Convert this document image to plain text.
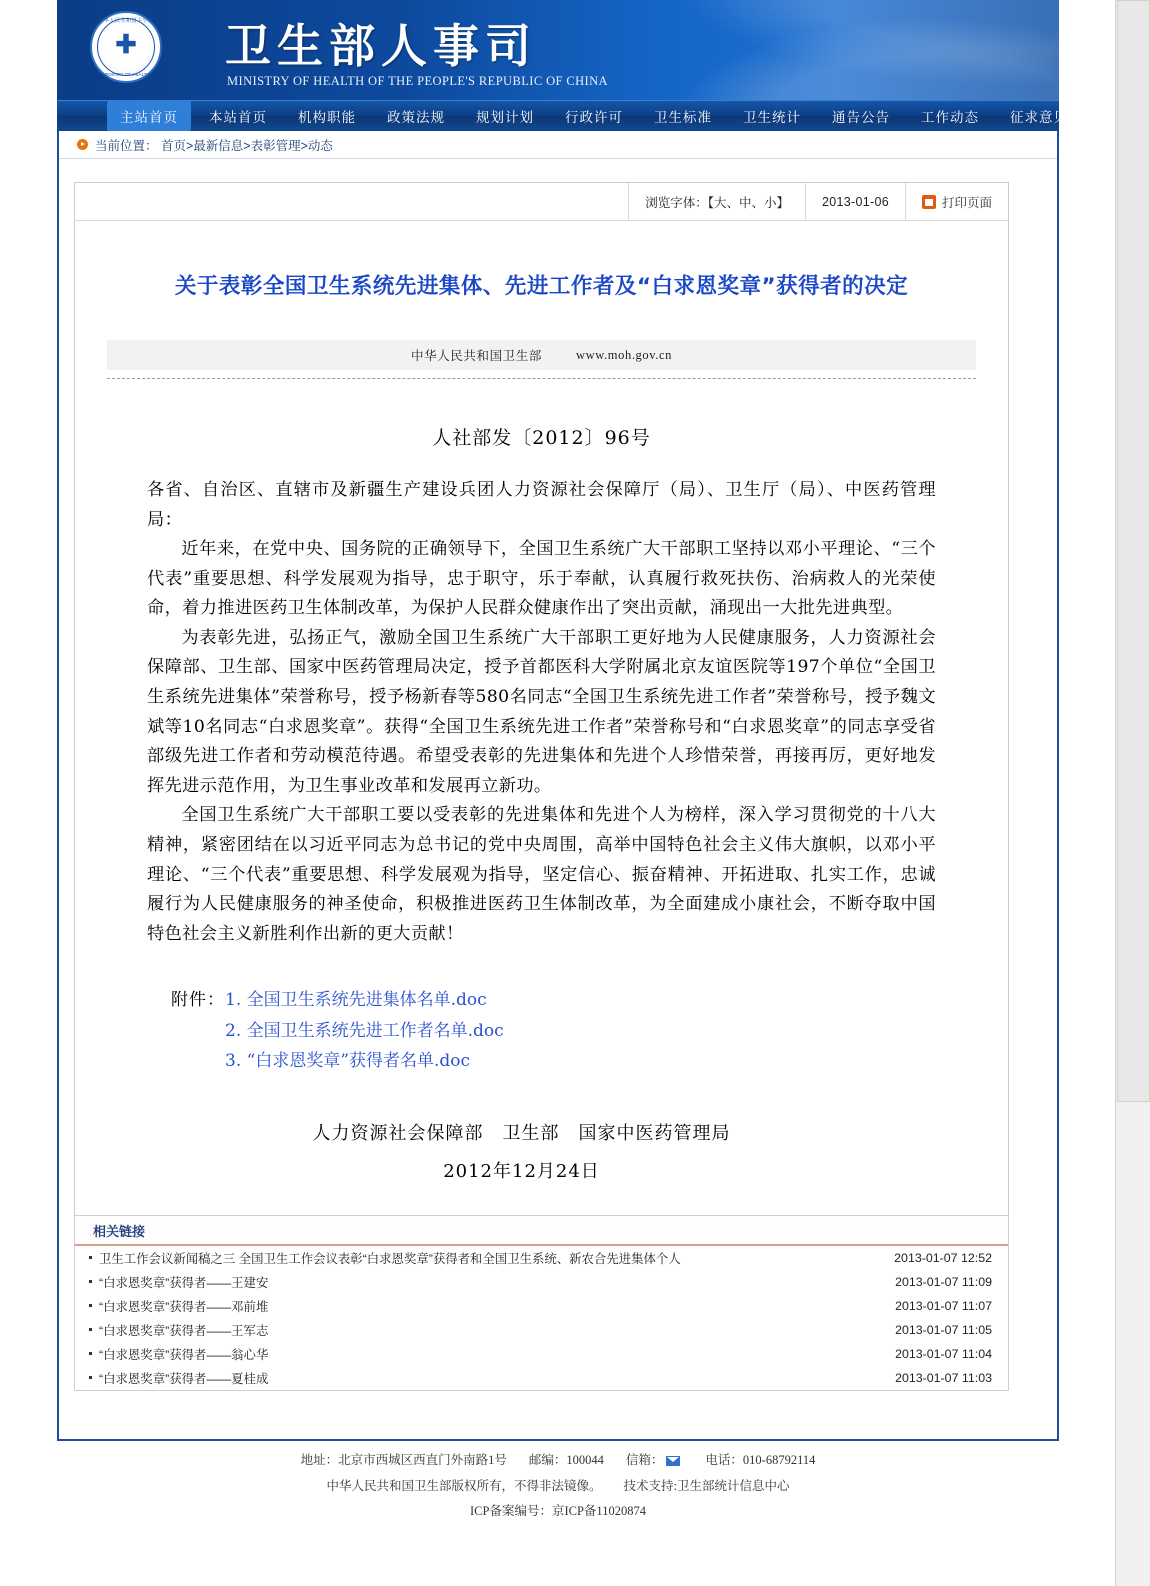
中华人民共和国卫生部
✚
MINISTRY OF HEALTH
卫生部人事司
MINISTRY OF HEALTH OF THE PEOPLE'S REPUBLIC OF CHINA
主站首页	本站首页	机构职能	政策法规	规划计划	行政许可	卫生标准	卫生统计	通告公告	工作动态	征求意见
当前位置： 首页>最新信息>表彰管理>动态
浏览字体：【大、中、小】	2013-01-06	打印页面
关于表彰全国卫生系统先进集体、先进工作者及“白求恩奖章”获得者的决定
中华人民共和国卫生部	www.moh.gov.cn
人社部发〔2012〕96号

各省、自治区、直辖市及新疆生产建设兵团人力资源社会保障厅（局）、卫生厅（局）、中医药管理局：

近年来，在党中央、国务院的正确领导下，全国卫生系统广大干部职工坚持以邓小平理论、“三个代表”重要思想、科学发展观为指导，忠于职守，乐于奉献，认真履行救死扶伤、治病救人的光荣使命，着力推进医药卫生体制改革，为保护人民群众健康作出了突出贡献，涌现出一大批先进典型。

为表彰先进，弘扬正气，激励全国卫生系统广大干部职工更好地为人民健康服务，人力资源社会保障部、卫生部、国家中医药管理局决定，授予首都医科大学附属北京友谊医院等197个单位“全国卫生系统先进集体”荣誉称号，授予杨新春等580名同志“全国卫生系统先进工作者”荣誉称号，授予魏文斌等10名同志“白求恩奖章”。获得“全国卫生系统先进工作者”荣誉称号和“白求恩奖章”的同志享受省部级先进工作者和劳动模范待遇。希望受表彰的先进集体和先进个人珍惜荣誉，再接再厉，更好地发挥先进示范作用，为卫生事业改革和发展再立新功。

全国卫生系统广大干部职工要以受表彰的先进集体和先进个人为榜样，深入学习贯彻党的十八大精神，紧密团结在以习近平同志为总书记的党中央周围，高举中国特色社会主义伟大旗帜，以邓小平理论、“三个代表”重要思想、科学发展观为指导，坚定信心、振奋精神、开拓进取、扎实工作，忠诚履行为人民健康服务的神圣使命，积极推进医药卫生体制改革，为全面建成小康社会，不断夺取中国特色社会主义新胜利作出新的更大贡献！

附件： 1. 全国卫生系统先进集体名单.doc
2. 全国卫生系统先进工作者名单.doc
3. “白求恩奖章”获得者名单.doc
人力资源社会保障部　卫生部　国家中医药管理局
2012年12月24日
相关链接
卫生工作会议新闻稿之三 全国卫生工作会议表彰“白求恩奖章”获得者和全国卫生系统、新农合先进集体个人	2013-01-07 12:52
“白求恩奖章”获得者——王建安	2013-01-07 11:09
“白求恩奖章”获得者——邓前堆	2013-01-07 11:07
“白求恩奖章”获得者——王军志	2013-01-07 11:05
“白求恩奖章”获得者——翁心华	2013-01-07 11:04
“白求恩奖章”获得者——夏桂成	2013-01-07 11:03
地址：北京市西城区西直门外南路1号 邮编：100044 信箱：	电话：010-68792114
中华人民共和国卫生部版权所有，不得非法镜像。 技术支持:卫生部统计信息中心
ICP备案编号：京ICP备11020874
